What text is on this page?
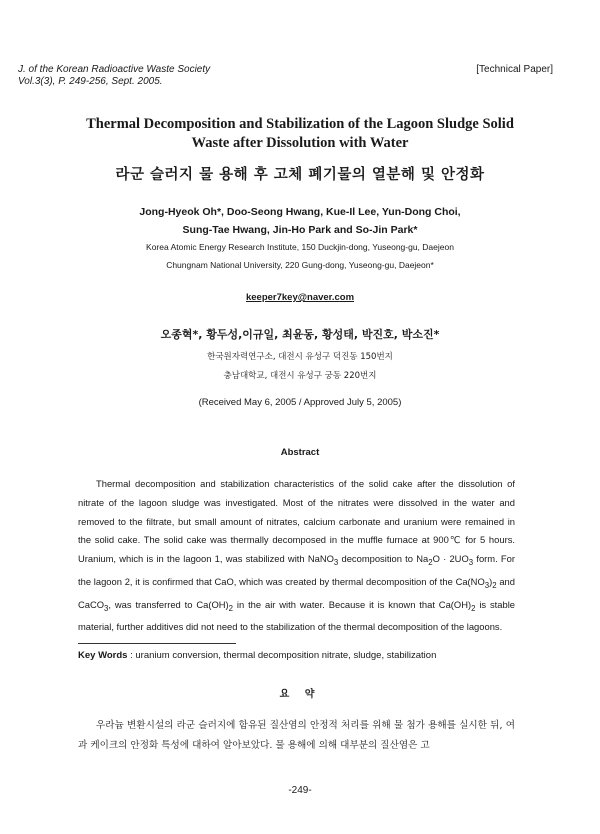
J. of the Korean Radioactive Waste Society
Vol.3(3), P. 249-256, Sept. 2005.
[Technical Paper]
Thermal Decomposition and Stabilization of the Lagoon Sludge Solid
Waste after Dissolution with Water
라군 슬러지 물 용해 후 고체 폐기물의 열분해 및 안정화
Jong-Hyeok Oh*, Doo-Seong Hwang, Kue-Il Lee, Yun-Dong Choi,
Sung-Tae Hwang, Jin-Ho Park and So-Jin Park*
Korea Atomic Energy Research Institute, 150 Duckjin-dong, Yuseong-gu, Daejeon
Chungnam National University, 220 Gung-dong, Yuseong-gu, Daejeon*
keeper7key@naver.com
오종혁*, 황두성,이규일, 최윤동, 황성태, 박진호, 박소진*
한국원자력연구소, 대전시 유성구 덕진동 150번지
충남대학교, 대전시 유성구 궁동 220번지
(Received May 6, 2005 / Approved July 5, 2005)
Abstract
Thermal decomposition and stabilization characteristics of the solid cake after the dissolution of nitrate of the lagoon sludge was investigated. Most of the nitrates were dissolved in the water and removed to the filtrate, but small amount of nitrates, calcium carbonate and uranium were remained in the solid cake. The solid cake was thermally decomposed in the muffle furnace at 900℃ for 5 hours. Uranium, which is in the lagoon 1, was stabilized with NaNO$_3$ decomposition to $Na_2O \cdot 2UO_3$ form. For the lagoon 2, it is confirmed that CaO, which was created by thermal decomposition of the $Ca(NO_3)_2$ and CaCO$_3$, was transferred to $Ca(OH)_2$ in the air with water. Because it is known that $Ca(OH)_2$ is stable material, further additives did not need to the stabilization of the thermal decomposition of the lagoons.
Key Words : uranium conversion, thermal decomposition nitrate, sludge, stabilization
요 약
우라늄 변환시설의 라군 슬러지에 함유된 질산염의 안정적 처리를 위해 물 첨가 용해를 실시한 뒤, 여과 케이크의 안정화 특성에 대하여 알아보았다. 물 용해에 의해 대부분의 질산염은 고
-249-
